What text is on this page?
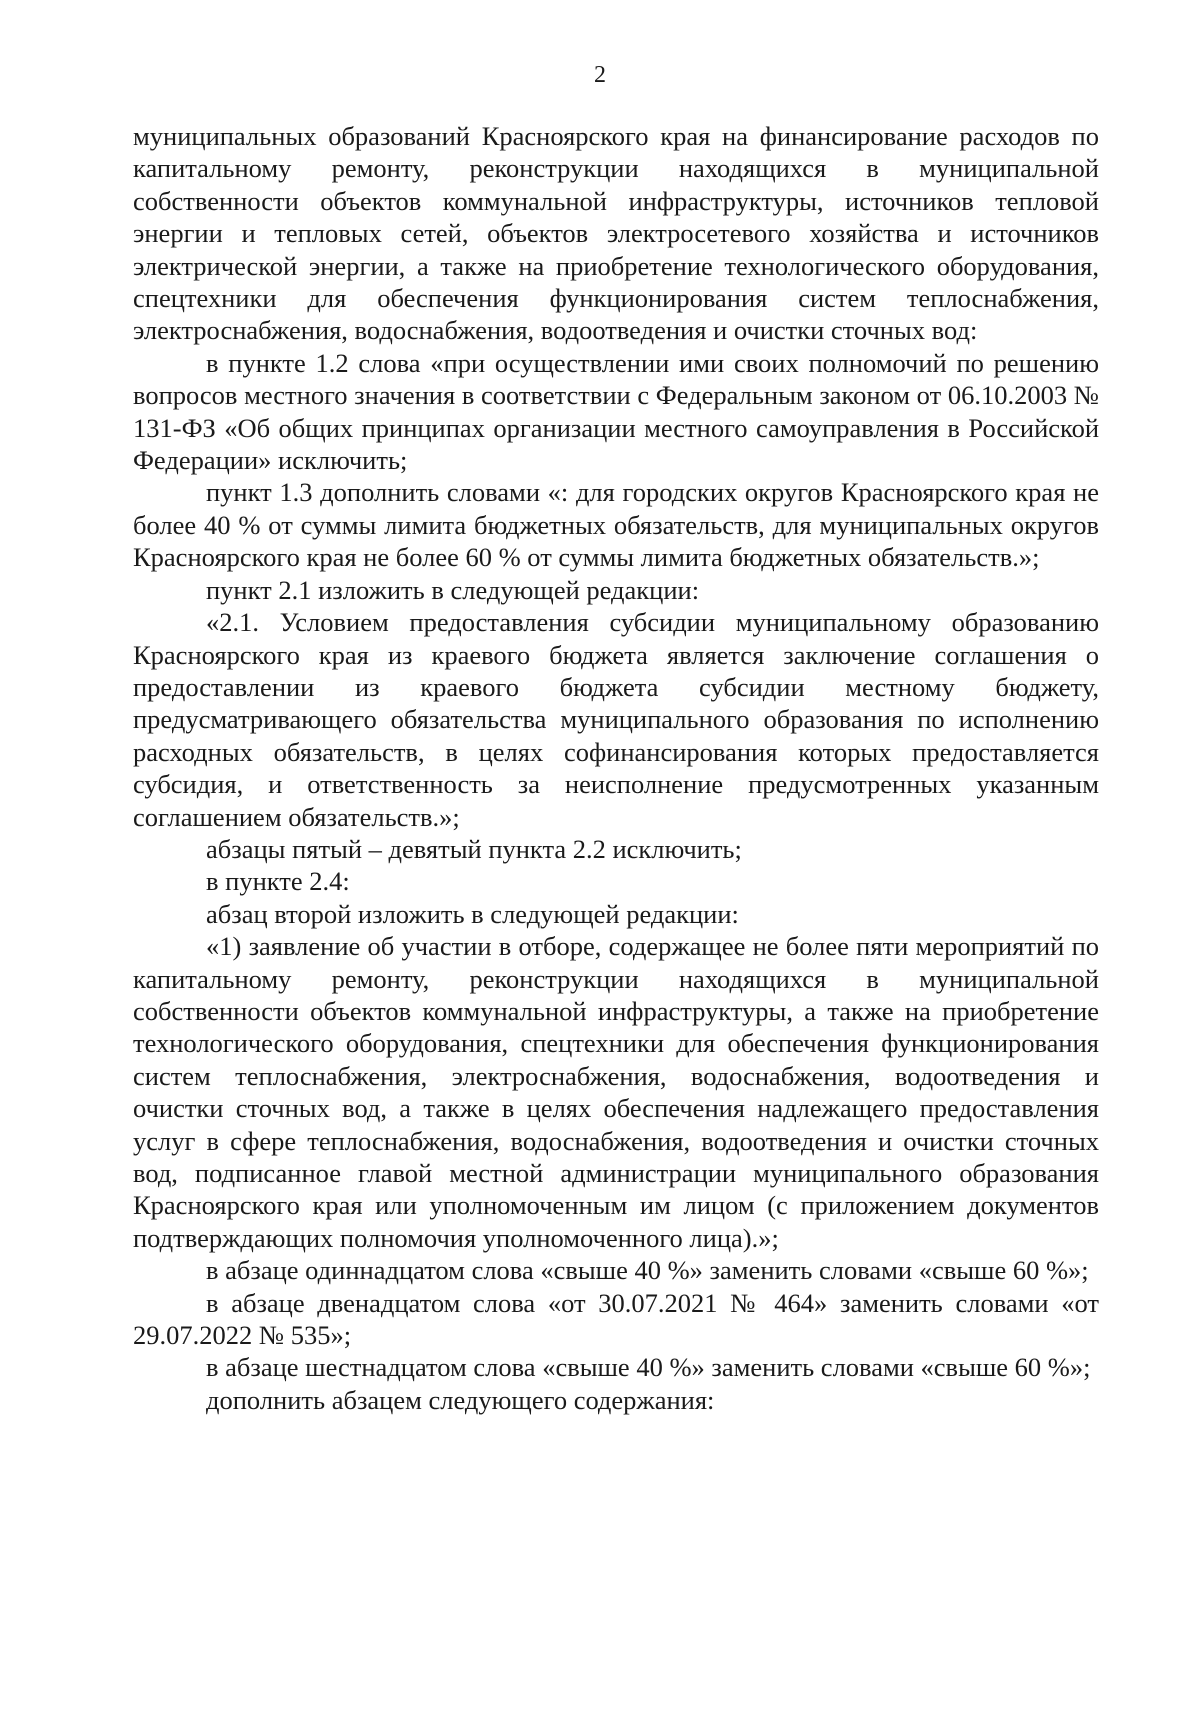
2

муниципальных образований Красноярского края на финансирование расходов по капитальному ремонту, реконструкции находящихся в муниципальной собственности объектов коммунальной инфраструктуры, источников тепловой энергии и тепловых сетей, объектов электросетевого хозяйства и источников электрической энергии, а также на приобретение технологического оборудования, спецтехники для обеспечения функционирования систем теплоснабжения, электроснабжения, водоснабжения, водоотведения и очистки сточных вод:

в пункте 1.2 слова «при осуществлении ими своих полномочий по решению вопросов местного значения в соответствии с Федеральным законом от 06.10.2003 № 131-ФЗ «Об общих принципах организации местного самоуправления в Российской Федерации» исключить;

пункт 1.3 дополнить словами «: для городских округов Красноярского края не более 40 % от суммы лимита бюджетных обязательств, для муниципальных округов Красноярского края не более 60 % от суммы лимита бюджетных обязательств.»;

пункт 2.1 изложить в следующей редакции:

«2.1. Условием предоставления субсидии муниципальному образованию Красноярского края из краевого бюджета является заключение соглашения о предоставлении из краевого бюджета субсидии местному бюджету, предусматривающего обязательства муниципального образования по исполнению расходных обязательств, в целях софинансирования которых предоставляется субсидия, и ответственность за неисполнение предусмотренных указанным соглашением обязательств.»;

абзацы пятый – девятый пункта 2.2 исключить;

в пункте 2.4:

абзац второй изложить в следующей редакции:

«1) заявление об участии в отборе, содержащее не более пяти мероприятий по капитальному ремонту, реконструкции находящихся в муниципальной собственности объектов коммунальной инфраструктуры, а также на приобретение технологического оборудования, спецтехники для обеспечения функционирования систем теплоснабжения, электроснабжения, водоснабжения, водоотведения и очистки сточных вод, а также в целях обеспечения надлежащего предоставления услуг в сфере теплоснабжения, водоснабжения, водоотведения и очистки сточных вод, подписанное главой местной администрации муниципального образования Красноярского края или уполномоченным им лицом (с приложением документов подтверждающих полномочия уполномоченного лица).»;

в абзаце одиннадцатом слова «свыше 40 %» заменить словами «свыше 60 %»;

в абзаце двенадцатом слова «от 30.07.2021 № 464» заменить словами «от 29.07.2022 № 535»;

в абзаце шестнадцатом слова «свыше 40 %» заменить словами «свыше 60 %»;

дополнить абзацем следующего содержания:
